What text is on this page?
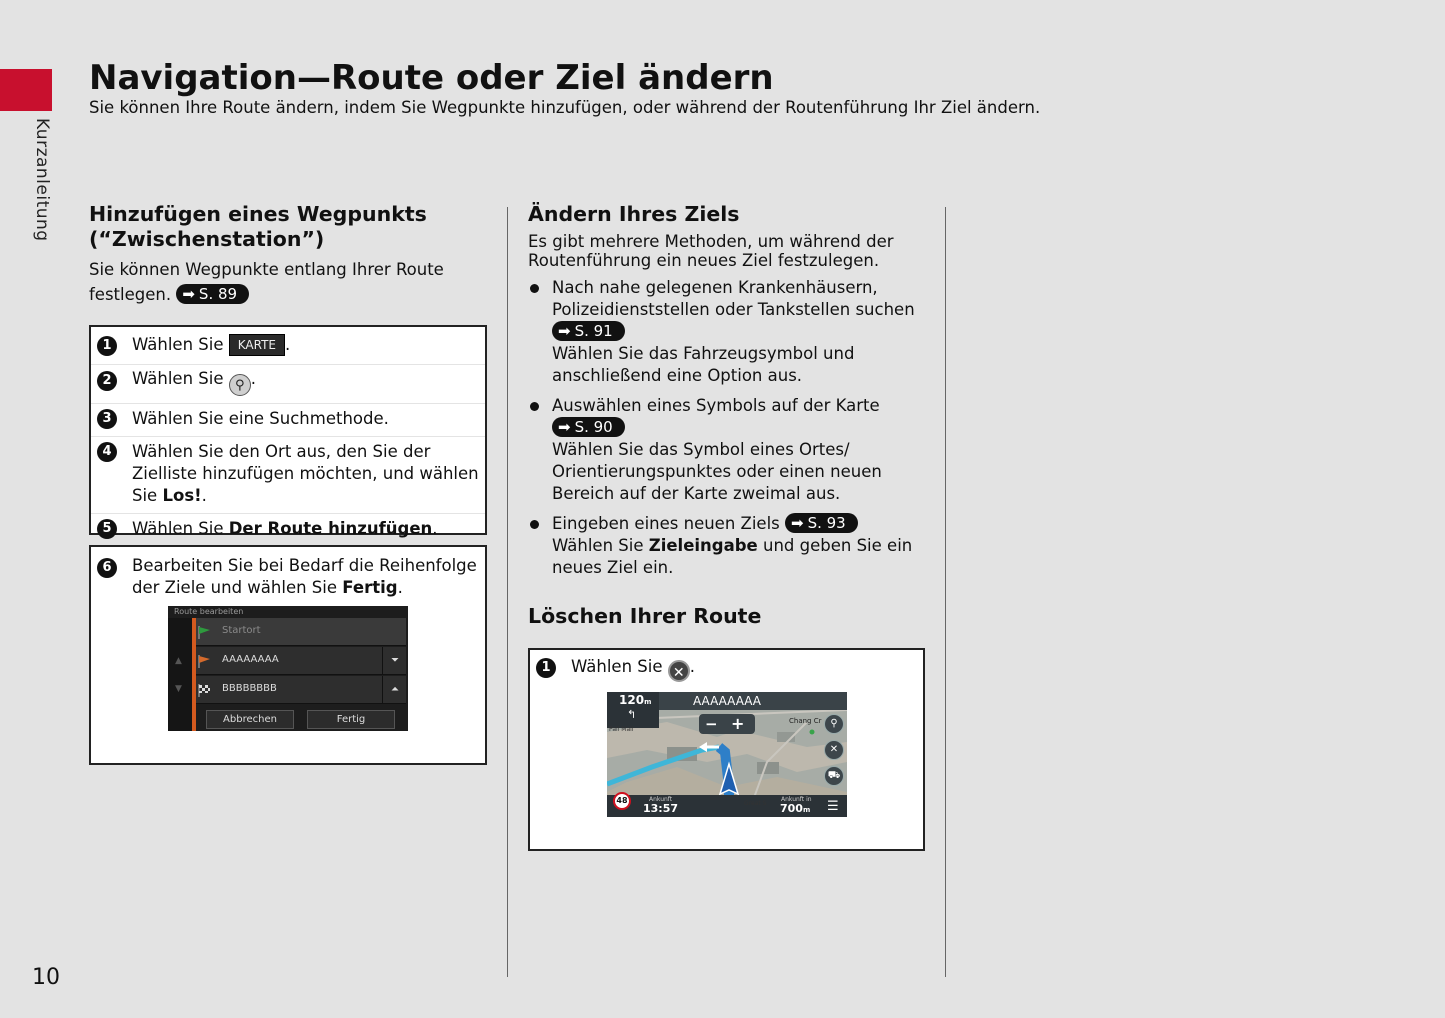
Kurzanleitung
Navigation—Route oder Ziel ändern
Sie können Ihre Route ändern, indem Sie Wegpunkte hinzufügen, oder während der Routenführung Ihr Ziel ändern.
Hinzufügen eines Wegpunkts
(“Zwischenstation”)
Sie können Wegpunkte entlang Ihrer Route
festlegen. ➡ S. 89
1	Wählen Sie KARTE .
2	Wählen Sie ⚲ .
3	Wählen Sie eine Suchmethode.
4	Wählen Sie den Ort aus, den Sie der
Zielliste hinzufügen möchten, und wählen
Sie Los!.
5	Wählen Sie Der Route hinzufügen.
6	Bearbeiten Sie bei Bedarf die Reihenfolge
der Ziele und wählen Sie Fertig.
Route bearbeiten
▲
▼
Startort
AAAAAAAA	⏷
BBBBBBBB	⏶
Abbrechen	Fertig
Ändern Ihres Ziels
Es gibt mehrere Methoden, um während der
Routenführung ein neues Ziel festzulegen.
Nach nahe gelegenen Krankenhäusern,
Polizeidienststellen oder Tankstellen suchen
➡ S. 91
Wählen Sie das Fahrzeugsymbol und
anschließend eine Option aus.
Auswählen eines Symbols auf der Karte
➡ S. 90
Wählen Sie das Symbol eines Ortes/
Orientierungspunktes oder einen neuen
Bereich auf der Karte zweimal aus.
Eingeben eines neuen Ziels ➡ S. 93
Wählen Sie Zieleingabe und geben Sie ein
neues Ziel ein.
Löschen Ihrer Route
1	Wählen Sie ✕ .
120m
↰
AAAAAAAA
Pall Mall	− +	Chang Cr ⚲
✕
⛟
48	Ankunft
13:57	Great S
Ankunft in
700m ☰
10
